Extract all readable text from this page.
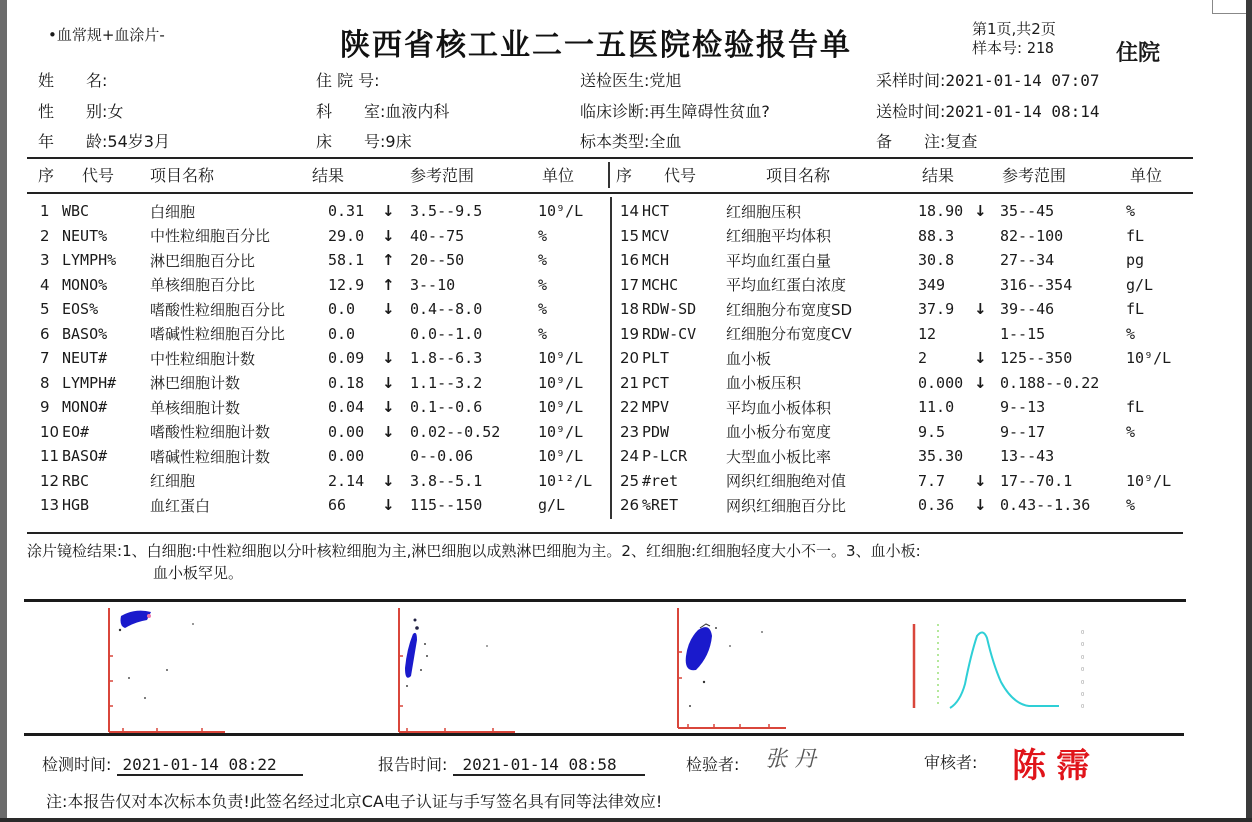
•血常规+血涂片-	陕西省核工业二一五医院检验报告单	第1页,共2页
样本号: 218	住院
姓　　名:
性　　别:女
年　　龄:54岁3月
住 院 号:
科　　室:血液内科
床　　号:9床
送检医生:党旭
临床诊断:再生障碍性贫血?
标本类型:全血
采样时间:2021-01-14 07:07
送检时间:2021-01-14 08:14
备　　注:复查
序 代号 项目名称	结果	参考范围	单位	序 代号	项目名称	结果	参考范围	单位
1	WBC	白细胞	0.31	↓	3.5--9.5	10⁹/L
2	NEUT%	中性粒细胞百分比	29.0	↓	40--75	%
3	LYMPH%	淋巴细胞百分比	58.1	↑	20--50	%
4	MONO%	单核细胞百分比	12.9	↑	3--10	%
5	EOS%	嗜酸性粒细胞百分比	0.0	↓	0.4--8.0	%
6	BASO%	嗜碱性粒细胞百分比	0.0		0.0--1.0	%
7	NEUT#	中性粒细胞计数	0.09	↓	1.8--6.3	10⁹/L
8	LYMPH#	淋巴细胞计数	0.18	↓	1.1--3.2	10⁹/L
9	MONO#	单核细胞计数	0.04	↓	0.1--0.6	10⁹/L
10	EO#	嗜酸性粒细胞计数	0.00	↓	0.02--0.52	10⁹/L
11	BASO#	嗜碱性粒细胞计数	0.00		0--0.06	10⁹/L
12	RBC	红细胞	2.14	↓	3.8--5.1	10¹²/L
13	HGB	血红蛋白	66	↓	115--150	g/L
14	HCT	红细胞压积	18.90	↓	35--45	%
15	MCV	红细胞平均体积	88.3		82--100	fL
16	MCH	平均血红蛋白量	30.8		27--34	pg
17	MCHC	平均血红蛋白浓度	349		316--354	g/L
18	RDW-SD	红细胞分布宽度SD	37.9	↓	39--46	fL
19	RDW-CV	红细胞分布宽度CV	12		1--15	%
20	PLT	血小板	2	↓	125--350	10⁹/L
21	PCT	血小板压积	0.000	↓	0.188--0.22	
22	MPV	平均血小板体积	11.0		9--13	fL
23	PDW	血小板分布宽度	9.5		9--17	%
24	P-LCR	大型血小板比率	35.30		13--43	
25	#ret	网织红细胞绝对值	7.7	↓	17--70.1	10⁹/L
26	%RET	网织红细胞百分比	0.36	↓	0.43--1.36	%
涂片镜检结果:1、白细胞:中性粒细胞以分叶核粒细胞为主,淋巴细胞以成熟淋巴细胞为主。2、红细胞:红细胞轻度大小不一。3、血小板:
血小板罕见。
0
0
0
0
0
0
0
检测时间: 2021-01-14 08:22	报告时间: 2021-01-14 08:58	检验者: 张 丹	审核者: 陈霈
注:本报告仅对本次标本负责!此签名经过北京CA电子认证与手写签名具有同等法律效应!
